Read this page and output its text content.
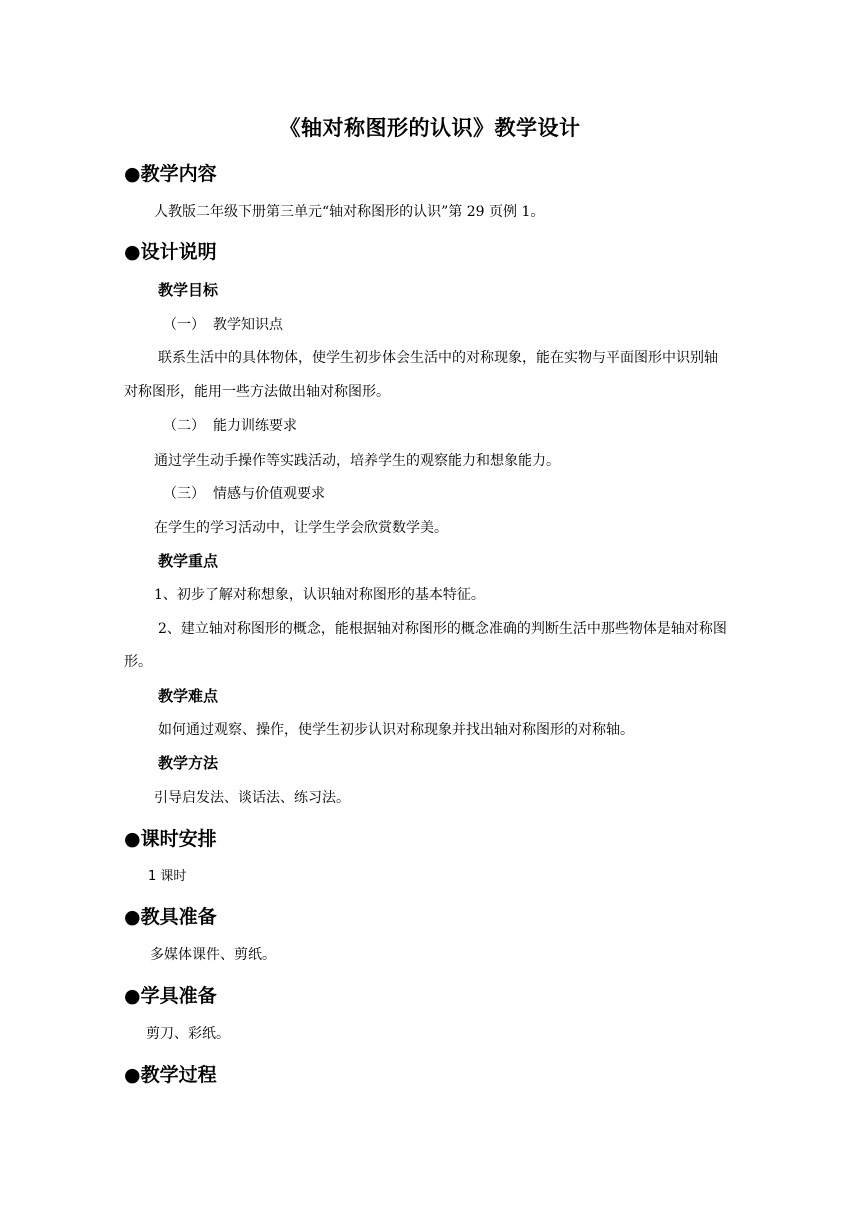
《轴对称图形的认识》教学设计
●教学内容
人教版二年级下册第三单元“轴对称图形的认识”第 29 页例 1。
●设计说明
教学目标
（一） 教学知识点
联系生活中的具体物体，使学生初步体会生活中的对称现象，能在实物与平面图形中识别轴
对称图形，能用一些方法做出轴对称图形。
（二） 能力训练要求
通过学生动手操作等实践活动，培养学生的观察能力和想象能力。
（三） 情感与价值观要求
在学生的学习活动中，让学生学会欣赏数学美。
教学重点
1、初步了解对称想象，认识轴对称图形的基本特征。
2、建立轴对称图形的概念，能根据轴对称图形的概念准确的判断生活中那些物体是轴对称图
形。
教学难点
如何通过观察、操作，使学生初步认识对称现象并找出轴对称图形的对称轴。
教学方法
引导启发法、谈话法、练习法。
●课时安排
1 课时
●教具准备
多媒体课件、剪纸。
●学具准备
剪刀、彩纸。
●教学过程
